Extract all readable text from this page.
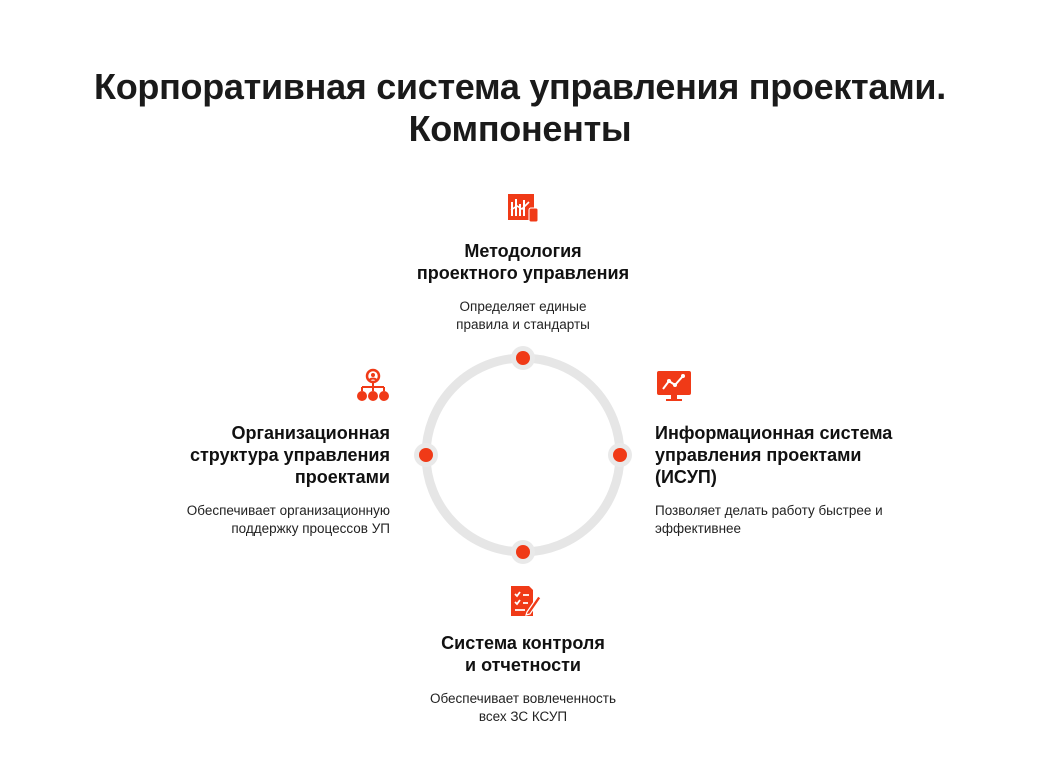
Корпоративная система управления проектами.
Компоненты
Методология
проектного управления
Определяет единые
правила и стандарты
Информационная система
управления проектами
(ИСУП)
Позволяет делать работу быстрее и
эффективнее
Организационная
структура управления
проектами
Обеспечивает организационную
поддержку процессов УП
Система контроля
и отчетности
Обеспечивает вовлеченность
всех ЗС КСУП
